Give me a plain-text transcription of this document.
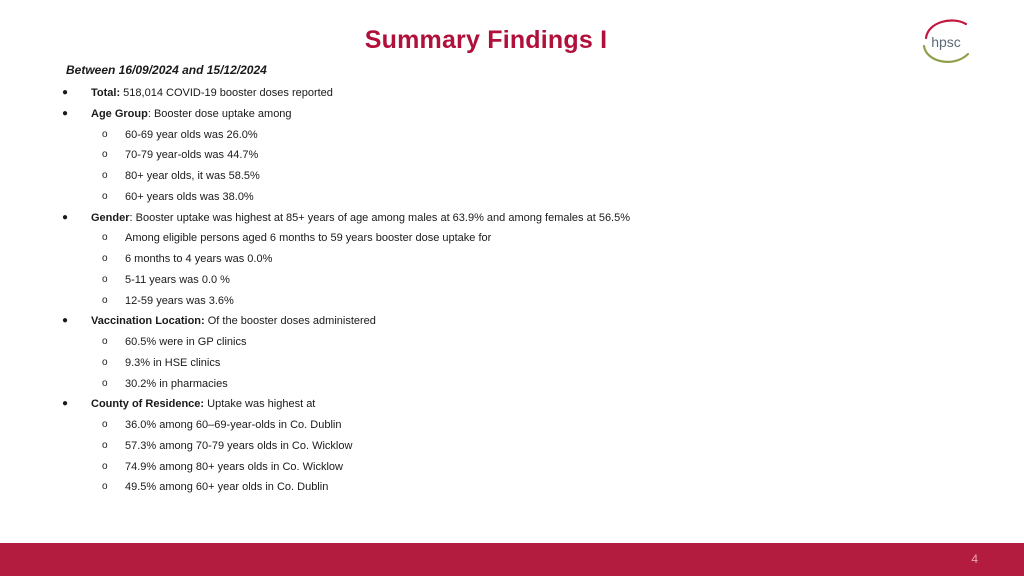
Summary Findings I	hpsc
Between 16/09/2024 and 15/12/2024
● Total: 518,014 COVID-19 booster doses reported
● Age Group: Booster dose uptake among
o 60-69 year olds was 26.0%
o 70-79 year-olds was 44.7%
o 80+ year olds, it was 58.5%
o 60+ years olds was 38.0%
● Gender: Booster uptake was highest at 85+ years of age among males at 63.9% and among females at 56.5%
o Among eligible persons aged 6 months to 59 years booster dose uptake for
o 6 months to 4 years was 0.0%
o 5-11 years was 0.0 %
o 12-59 years was 3.6%
● Vaccination Location: Of the booster doses administered
o 60.5% were in GP clinics
o 9.3% in HSE clinics
o 30.2% in pharmacies
● County of Residence: Uptake was highest at
o 36.0% among 60–69-year-olds in Co. Dublin
o 57.3% among 70-79 years olds in Co. Wicklow
o 74.9% among 80+ years olds in Co. Wicklow
o 49.5% among 60+ year olds in Co. Dublin
4
